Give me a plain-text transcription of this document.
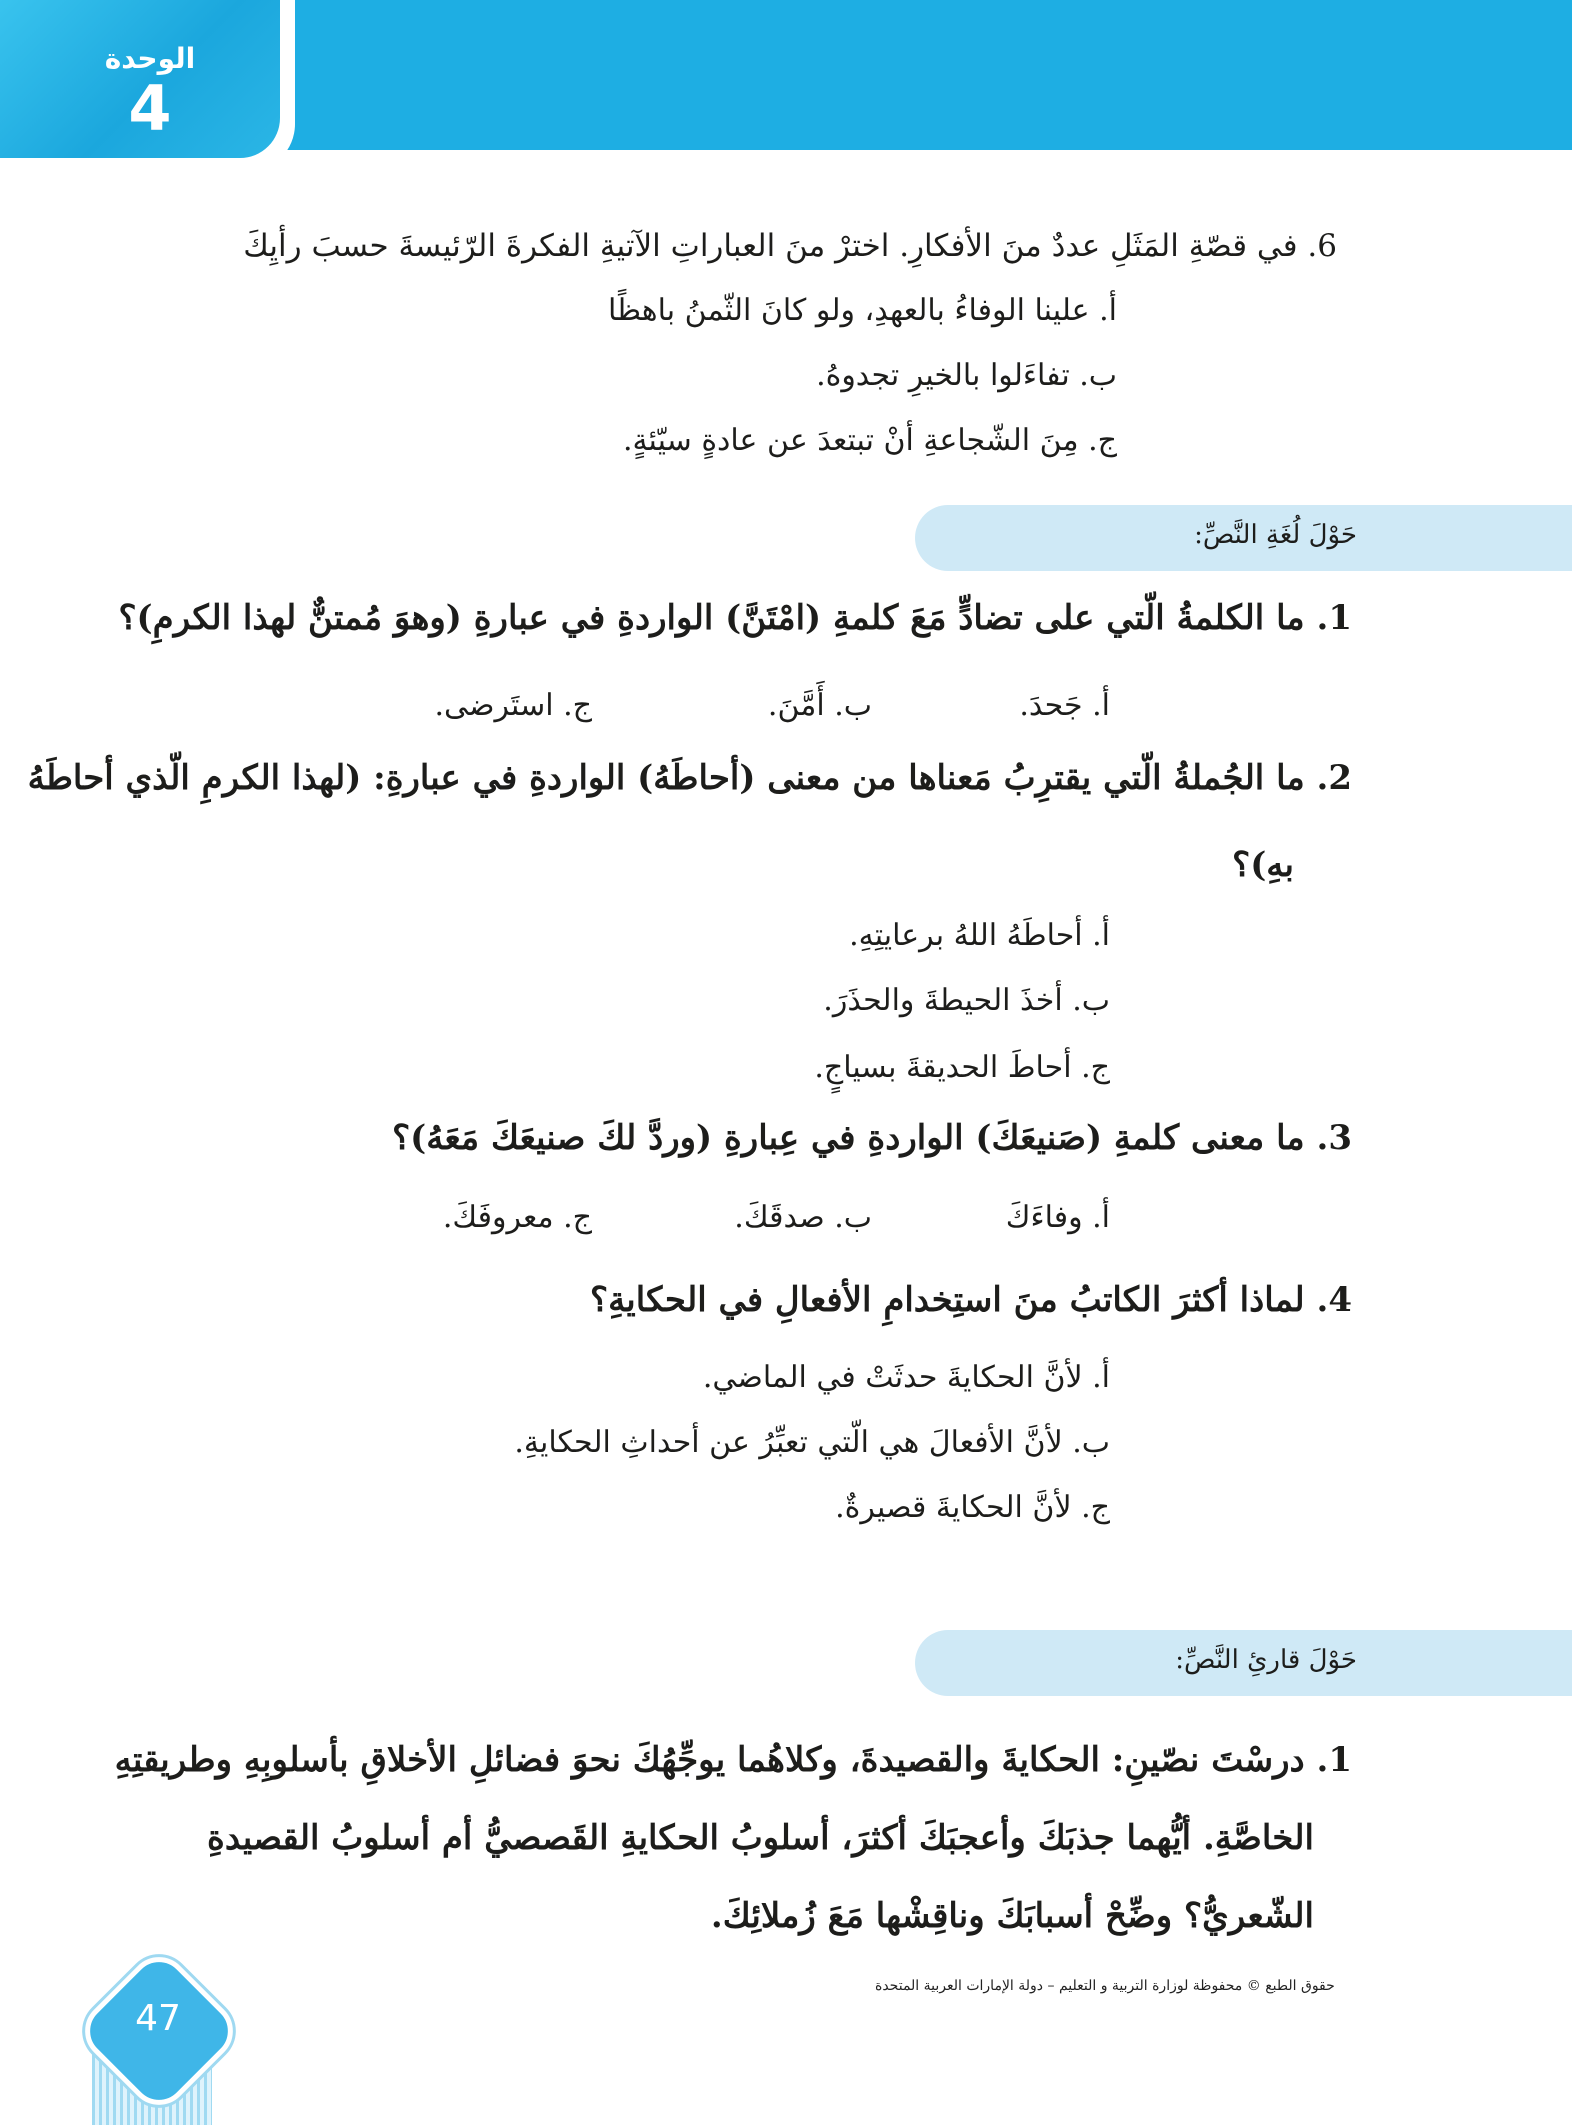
الوحدة
4
6. في قصّةِ المَثَلِ عددٌ منَ الأفكارِ. اخترْ منَ العباراتِ الآتيةِ الفكرةَ الرّئيسةَ حسبَ رأيِكَ
أ. علينا الوفاءُ بالعهدِ، ولو كانَ الثّمنُ باهظًا
ب. تفاءَلوا بالخيرِ تجدوهُ.
ج. مِنَ الشّجاعةِ أنْ تبتعدَ عن عادةٍ سيّئةٍ.
حَوْلَ لُغَةِ النَّصِّ:
1. ما الكلمةُ الّتي على تضادٍّ مَعَ كلمةِ (امْتَنَّ) الواردةِ في عبارةِ (وهوَ مُمتنٌّ لهذا الكرمِ)؟
أ. جَحدَ.
ب. أَمَّنَ.
ج. استَرضى.
2. ما الجُملةُ الّتي يقترِبُ مَعناها من معنى (أحاطَهُ) الواردةِ في عبارةِ: (لهذا الكرمِ الّذي أحاطَهُ
بهِ)؟
أ. أحاطَهُ اللهُ برعايتِهِ.
ب. أخذَ الحيطةَ والحذَرَ.
ج. أحاطَ الحديقةَ بسياجٍ.
3. ما معنى كلمةِ (صَنيعَكَ) الواردةِ في عِبارةِ (وردَّ لكَ صنيعَكَ مَعَهُ)؟
أ. وفاءَكَ
ب. صدقَكَ.
ج. معروفَكَ.
4. لماذا أكثرَ الكاتبُ منَ استِخدامِ الأفعالِ في الحكايةِ؟
أ. لأنَّ الحكايةَ حدثَتْ في الماضي.
ب. لأنَّ الأفعالَ هي الّتي تعبِّرُ عن أحداثِ الحكايةِ.
ج. لأنَّ الحكايةَ قصيرةٌ.
حَوْلَ قارئِ النَّصِّ:
1. درسْتَ نصّينِ: الحكايةَ والقصيدةَ، وكلاهُما يوجِّهُكَ نحوَ فضائلِ الأخلاقِ بأسلوبِهِ وطريقتِهِ
الخاصَّةِ. أيُّهما جذبَكَ وأعجبَكَ أكثرَ، أسلوبُ الحكايةِ القَصصيُّ أم أسلوبُ القصيدةِ
الشّعريُّ؟ وضِّحْ أسبابَكَ وناقِشْها مَعَ زُملائِكَ.
47
حقوق الطبع © محفوظة لوزارة التربية و التعليم – دولة الإمارات العربية المتحدة
